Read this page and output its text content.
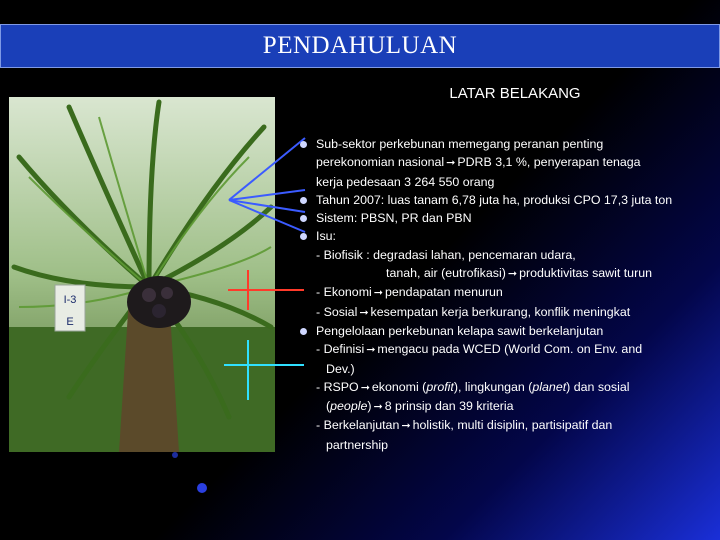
PENDAHULUAN
LATAR BELAKANG
I-3
E
Sub-sektor perkebunan memegang peranan penting
perekonomian nasional ➞ PDRB 3,1 %, penyerapan tenaga
kerja pedesaan 3 264 550 orang
Tahun 2007: luas tanam 6,78 juta ha, produksi CPO 17,3 juta ton
Sistem: PBSN, PR dan PBN
Isu:
- Biofisik : degradasi lahan, pencemaran udara,
tanah, air (eutrofikasi) ➞ produktivitas sawit turun
- Ekonomi ➞ pendapatan menurun
- Sosial ➞ kesempatan kerja berkurang, konflik meningkat
Pengelolaan perkebunan kelapa sawit berkelanjutan
- Definisi ➞ mengacu pada WCED (World Com. on Env. and
Dev.)
- RSPO ➞ ekonomi (profit), lingkungan (planet) dan sosial
(people) ➞ 8 prinsip dan 39 kriteria
- Berkelanjutan ➞ holistik, multi disiplin, partisipatif dan
partnership
